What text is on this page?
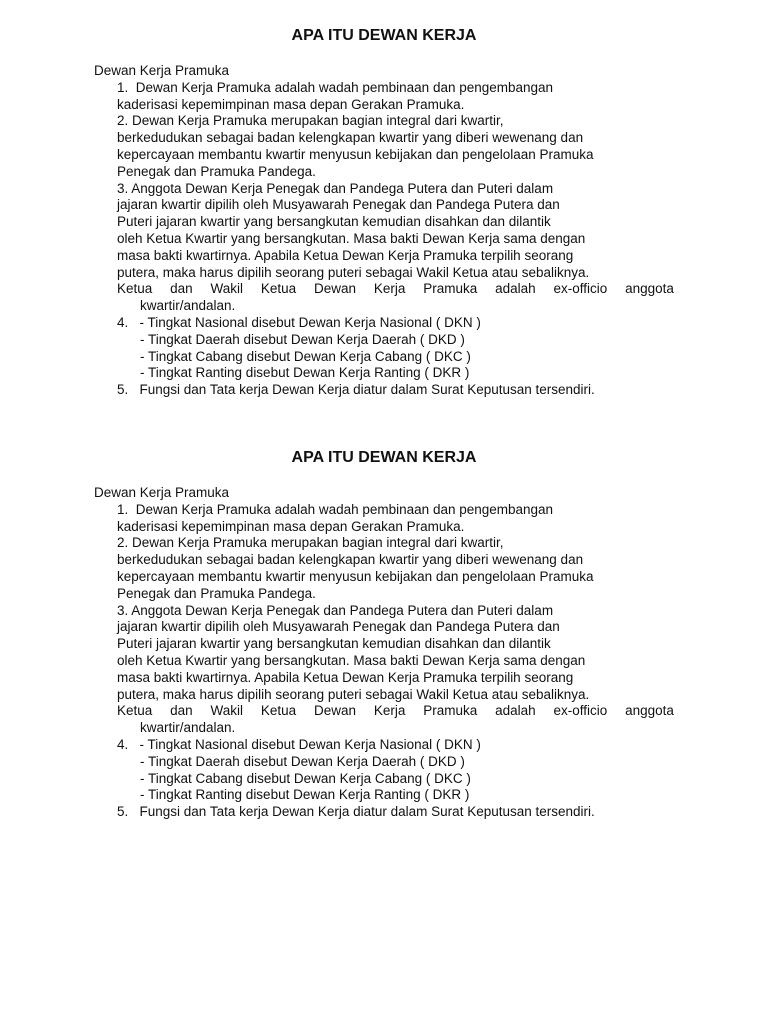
APA ITU DEWAN KERJA
Dewan Kerja Pramuka
1.  Dewan Kerja Pramuka adalah wadah pembinaan dan pengembangan
kaderisasi kepemimpinan masa depan Gerakan Pramuka.
2. Dewan Kerja Pramuka merupakan bagian integral dari kwartir,
berkedudukan sebagai badan kelengkapan kwartir yang diberi wewenang dan
kepercayaan membantu kwartir menyusun kebijakan dan pengelolaan Pramuka
Penegak dan Pramuka Pandega.
3. Anggota Dewan Kerja Penegak dan Pandega Putera dan Puteri dalam
jajaran kwartir dipilih oleh Musyawarah Penegak dan Pandega Putera dan
Puteri jajaran kwartir yang bersangkutan kemudian disahkan dan dilantik
oleh Ketua Kwartir yang bersangkutan. Masa bakti Dewan Kerja sama dengan
masa bakti kwartirnya. Apabila Ketua Dewan Kerja Pramuka terpilih seorang
putera, maka harus dipilih seorang puteri sebagai Wakil Ketua atau sebaliknya.
Ketua dan Wakil Ketua Dewan Kerja Pramuka adalah ex-officio anggota
kwartir/andalan.
4.   - Tingkat Nasional disebut Dewan Kerja Nasional ( DKN )
- Tingkat Daerah disebut Dewan Kerja Daerah ( DKD )
- Tingkat Cabang disebut Dewan Kerja Cabang ( DKC )
- Tingkat Ranting disebut Dewan Kerja Ranting ( DKR )
5.   Fungsi dan Tata kerja Dewan Kerja diatur dalam Surat Keputusan tersendiri.
APA ITU DEWAN KERJA
Dewan Kerja Pramuka
1.  Dewan Kerja Pramuka adalah wadah pembinaan dan pengembangan
kaderisasi kepemimpinan masa depan Gerakan Pramuka.
2. Dewan Kerja Pramuka merupakan bagian integral dari kwartir,
berkedudukan sebagai badan kelengkapan kwartir yang diberi wewenang dan
kepercayaan membantu kwartir menyusun kebijakan dan pengelolaan Pramuka
Penegak dan Pramuka Pandega.
3. Anggota Dewan Kerja Penegak dan Pandega Putera dan Puteri dalam
jajaran kwartir dipilih oleh Musyawarah Penegak dan Pandega Putera dan
Puteri jajaran kwartir yang bersangkutan kemudian disahkan dan dilantik
oleh Ketua Kwartir yang bersangkutan. Masa bakti Dewan Kerja sama dengan
masa bakti kwartirnya. Apabila Ketua Dewan Kerja Pramuka terpilih seorang
putera, maka harus dipilih seorang puteri sebagai Wakil Ketua atau sebaliknya.
Ketua dan Wakil Ketua Dewan Kerja Pramuka adalah ex-officio anggota
kwartir/andalan.
4.   - Tingkat Nasional disebut Dewan Kerja Nasional ( DKN )
- Tingkat Daerah disebut Dewan Kerja Daerah ( DKD )
- Tingkat Cabang disebut Dewan Kerja Cabang ( DKC )
- Tingkat Ranting disebut Dewan Kerja Ranting ( DKR )
5.   Fungsi dan Tata kerja Dewan Kerja diatur dalam Surat Keputusan tersendiri.
